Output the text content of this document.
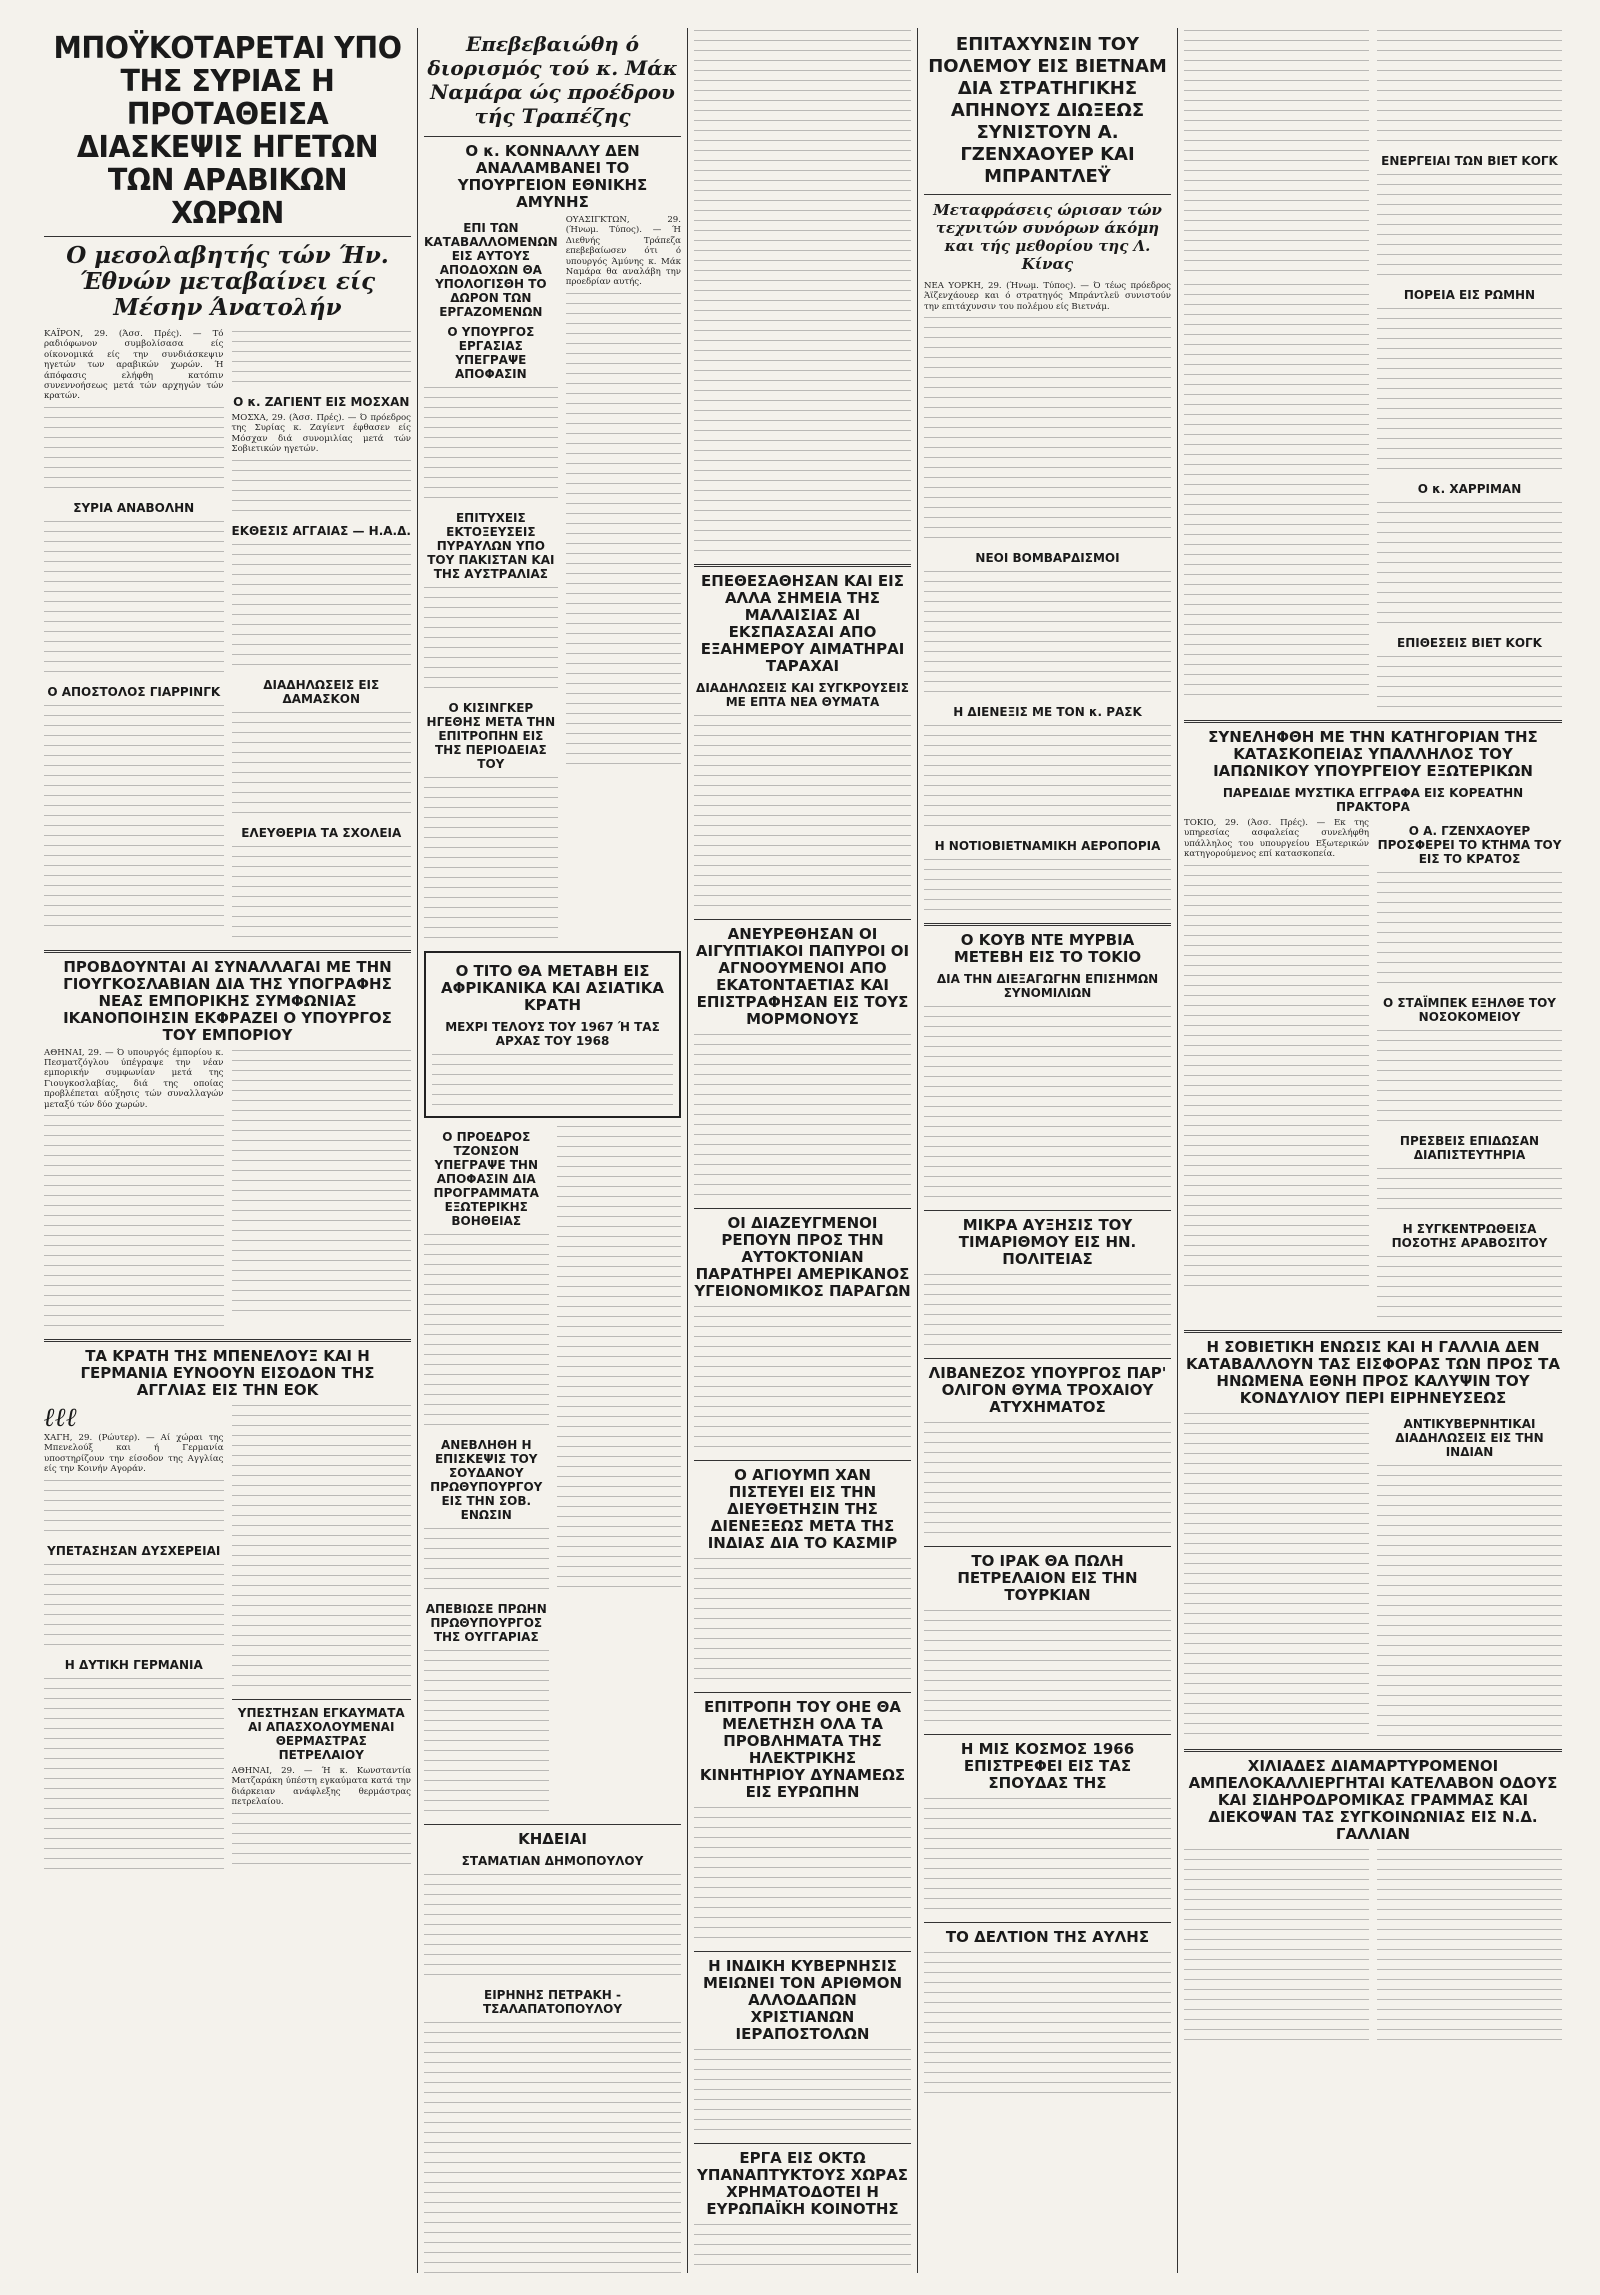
ΜΠΟΫΚΟΤΑΡΕΤΑΙ ΥΠΟ ΤΗΣ ΣΥΡΙΑΣ Η ΠΡΟΤΑΘΕΙΣΑ ΔΙΑΣΚΕΨΙΣ ΗΓΕΤΩΝ ΤΩΝ ΑΡΑΒΙΚΩΝ ΧΩΡΩΝ
Ο μεσολαβητής τών Ήν. Έθνών μεταβαίνει είς Μέσην Άνατολήν

ΚΑΪΡΟΝ, 29. (Άσσ. Πρές). — Τό ραδιόφωνον συμβολίσασα είς οίκονομικά είς την συνδιάσκεψιν ηγετών των αραβικών χωρών. Ή άπόφασις ελήφθη κατόπιν συνεννοήσεως μετά τών αρχηγών τών κρατών.

ΣΥΡΙΑ ΑΝΑΒΟΛΗΝ
Ο ΑΠΟΣΤΟΛΟΣ ΓΙΑΡΡΙΝΓΚ
Ο κ. ΖΑΓΙΕΝΤ ΕΙΣ ΜΟΣΧΑΝ

ΜΟΣΧΑ, 29. (Άσσ. Πρές). — Ό πρόεδρος της Συρίας κ. Ζαγίεντ έφθασεν είς Μόσχαν διά συνομιλίας μετά τών Σοβιετικών ηγετών.

ΕΚΘΕΣΙΣ ΑΓΓΑΙΑΣ — Η.Α.Δ.
ΔΙΑΔΗΛΩΣΕΙΣ ΕΙΣ ΔΑΜΑΣΚΟΝ
ΕΛΕΥΘΕΡΙΑ ΤΑ ΣΧΟΛΕΙΑ
ΠΡΟΒΔΟΥΝΤΑΙ ΑΙ ΣΥΝΑΛΛΑΓΑΙ ΜΕ ΤΗΝ ΓΙΟΥΓΚΟΣΛΑΒΙΑΝ ΔΙΑ ΤΗΣ ΥΠΟΓΡΑΦΗΣ ΝΕΑΣ ΕΜΠΟΡΙΚΗΣ ΣΥΜΦΩΝΙΑΣ ΙΚΑΝΟΠΟΙΗΣΙΝ ΕΚΦΡΑΖΕΙ Ο ΥΠΟΥΡΓΟΣ ΤΟΥ ΕΜΠΟΡΙΟΥ

ΑΘΗΝΑΙ, 29. — Ό υπουργός έμπορίου κ. Πεσματζόγλου ύπέγραψε την νέαν εμπορικήν συμφωνίαν μετά της Γιουγκοσλαβίας, διά της οποίας προβλέπεται αύξησις τών συναλλαγών μεταξύ τών δύο χωρών.

ΤΑ ΚΡΑΤΗ ΤΗΣ ΜΠΕΝΕΛΟΥΞ ΚΑΙ Η ΓΕΡΜΑΝΙΑ ΕΥΝΟΟΥΝ ΕΙΣΟΔΟΝ ΤΗΣ ΑΓΓΛΙΑΣ ΕΙΣ ΤΗΝ ΕΟΚ
ℓℓℓ

ΧΑΓΗ, 29. (Ρώυτερ). — Αί χώραι της Μπενελούξ και ή Γερμανία υποστηρίζουν την είσοδον της Αγγλίας είς την Κοινήν Αγοράν.

ΥΠΕΤΑΣΗΣΑΝ ΔΥΣΧΕΡΕΙΑΙ
Η ΔΥΤΙΚΗ ΓΕΡΜΑΝΙΑ
ΥΠΕΣΤΗΣΑΝ ΕΓΚΑΥΜΑΤΑ ΑΙ ΑΠΑΣΧΟΛΟΥΜΕΝΑΙ ΘΕΡΜΑΣΤΡΑΣ ΠΕΤΡΕΛΑΙΟΥ

ΑΘΗΝΑΙ, 29. — Ή κ. Κωνσταντία Ματζαράκη ύπέστη εγκαύματα κατά την διάρκειαν ανάφλεξης θερμάστρας πετρελαίου.

Επεβεβαιώθη ό διορισμός τού κ. Μάκ Ναμάρα ώς προέδρου τής Τραπέζης
Ο κ. ΚΟΝΝΑΛΛΥ ΔΕΝ ΑΝΑΛΑΜΒΑΝΕΙ ΤΟ ΥΠΟΥΡΓΕΙΟΝ ΕΘΝΙΚΗΣ ΑΜΥΝΗΣ
ΕΠΙ ΤΩΝ ΚΑΤΑΒΑΛΛΟΜΕΝΩΝ ΕΙΣ ΑΥΤΟΥΣ ΑΠΟΔΟΧΩΝ ΘΑ ΥΠΟΛΟΓΙΣΘΗ ΤΟ ΔΩΡΟΝ ΤΩΝ ΕΡΓΑΖΟΜΕΝΩΝ
Ο ΥΠΟΥΡΓΟΣ ΕΡΓΑΣΙΑΣ ΥΠΕΓΡΑΨΕ ΑΠΟΦΑΣΙΝ
ΕΠΙΤΥΧΕΙΣ ΕΚΤΟΞΕΥΣΕΙΣ ΠΥΡΑΥΛΩΝ ΥΠΟ ΤΟΥ ΠΑΚΙΣΤΑΝ ΚΑΙ ΤΗΣ ΑΥΣΤΡΑΛΙΑΣ
Ο ΚΙΣΙΝΓΚΕΡ ΗΓΕΘΗΣ ΜΕΤΑ ΤΗΝ ΕΠΙΤΡΟΠΗΝ ΕΙΣ ΤΗΣ ΠΕΡΙΟΔΕΙΑΣ ΤΟΥ

ΟΥΑΣΙΓΚΤΩΝ, 29. (Ήνωμ. Τύπος). — Ή Διεθνής Τράπεζα επεβεβαίωσεν ότι ό υπουργός Άμύνης κ. Μάκ Ναμάρα θα αναλάβη την προεδρίαν αυτής.

Ο ΤΙΤΟ ΘΑ ΜΕΤΑΒΗ ΕΙΣ ΑΦΡΙΚΑΝΙΚΑ ΚΑΙ ΑΣΙΑΤΙΚΑ ΚΡΑΤΗ
ΜΕΧΡΙ ΤΕΛΟΥΣ ΤΟΥ 1967 Ή ΤΑΣ ΑΡΧΑΣ ΤΟΥ 1968
Ο ΠΡΟΕΔΡΟΣ ΤΖΟΝΣΟΝ ΥΠΕΓΡΑΨΕ ΤΗΝ ΑΠΟΦΑΣΙΝ ΔΙΑ ΠΡΟΓΡΑΜΜΑΤΑ ΕΞΩΤΕΡΙΚΗΣ ΒΟΗΘΕΙΑΣ
ΑΝΕΒΛΗΘΗ Η ΕΠΙΣΚΕΨΙΣ ΤΟΥ ΣΟΥΔΑΝΟΥ ΠΡΩΘΥΠΟΥΡΓΟΥ ΕΙΣ ΤΗΝ ΣΟΒ. ΕΝΩΣΙΝ
ΑΠΕΒΙΩΣΕ ΠΡΩΗΝ ΠΡΩΘΥΠΟΥΡΓΟΣ ΤΗΣ ΟΥΓΓΑΡΙΑΣ
ΚΗΔΕΙΑΙ
ΣΤΑΜΑΤΙΑΝ ΔΗΜΟΠΟΥΛΟΥ
ΕΙΡΗΝΗΣ ΠΕΤΡΑΚΗ - ΤΣΑΛΑΠΑΤΟΠΟΥΛΟΥ
ΕΠΕΘΕΣΑΘΗΣΑΝ ΚΑΙ ΕΙΣ ΑΛΛΑ ΣΗΜΕΙΑ ΤΗΣ ΜΑΛΑΙΣΙΑΣ ΑΙ ΕΚΣΠΑΣΑΣΑΙ ΑΠΟ ΕΞΑΗΜΕΡΟΥ ΑΙΜΑΤΗΡΑΙ ΤΑΡΑΧΑΙ
ΔΙΑΔΗΛΩΣΕΙΣ ΚΑΙ ΣΥΓΚΡΟΥΣΕΙΣ ΜΕ ΕΠΤΑ ΝΕΑ ΘΥΜΑΤΑ
ΑΝΕΥΡΕΘΗΣΑΝ ΟΙ ΑΙΓΥΠΤΙΑΚΟΙ ΠΑΠΥΡΟΙ ΟΙ ΑΓΝΟΟΥΜΕΝΟΙ ΑΠΟ ΕΚΑΤΟΝΤΑΕΤΙΑΣ ΚΑΙ ΕΠΙΣΤΡΑΦΗΣΑΝ ΕΙΣ ΤΟΥΣ ΜΟΡΜΟΝΟΥΣ
ΟΙ ΔΙΑΖΕΥΓΜΕΝΟΙ ΡΕΠΟΥΝ ΠΡΟΣ ΤΗΝ ΑΥΤΟΚΤΟΝΙΑΝ ΠΑΡΑΤΗΡΕΙ ΑΜΕΡΙΚΑΝΟΣ ΥΓΕΙΟΝΟΜΙΚΟΣ ΠΑΡΑΓΩΝ
Ο ΑΓΙΟΥΜΠ ΧΑΝ ΠΙΣΤΕΥΕΙ ΕΙΣ ΤΗΝ ΔΙΕΥΘΕΤΗΣΙΝ ΤΗΣ ΔΙΕΝΕΞΕΩΣ ΜΕΤΑ ΤΗΣ ΙΝΔΙΑΣ ΔΙΑ ΤΟ ΚΑΣΜΙΡ
ΕΠΙΤΡΟΠΗ ΤΟΥ ΟΗΕ ΘΑ ΜΕΛΕΤΗΣΗ ΟΛΑ ΤΑ ΠΡΟΒΛΗΜΑΤΑ ΤΗΣ ΗΛΕΚΤΡΙΚΗΣ ΚΙΝΗΤΗΡΙΟΥ ΔΥΝΑΜΕΩΣ ΕΙΣ ΕΥΡΩΠΗΝ
Η ΙΝΔΙΚΗ ΚΥΒΕΡΝΗΣΙΣ ΜΕΙΩΝΕΙ ΤΟΝ ΑΡΙΘΜΟΝ ΑΛΛΟΔΑΠΩΝ ΧΡΙΣΤΙΑΝΩΝ ΙΕΡΑΠΟΣΤΟΛΩΝ
ΕΡΓΑ ΕΙΣ ΟΚΤΩ ΥΠΑΝΑΠΤΥΚΤΟΥΣ ΧΩΡΑΣ ΧΡΗΜΑΤΟΔΟΤΕΙ Η ΕΥΡΩΠΑΪΚΗ ΚΟΙΝΟΤΗΣ
ΕΠΙΤΑΧΥΝΣΙΝ ΤΟΥ ΠΟΛΕΜΟΥ ΕΙΣ ΒΙΕΤΝΑΜ ΔΙΑ ΣΤΡΑΤΗΓΙΚΗΣ ΑΠΗΝΟΥΣ ΔΙΩΞΕΩΣ ΣΥΝΙΣΤΟΥΝ Α. ΓΖΕΝΧΑΟΥΕΡ ΚΑΙ ΜΠΡΑΝΤΛΕΫ
Μεταφράσεις ώρισαν τών τεχνιτών συνόρων άκόμη και τής μεθορίου της Λ. Κίνας

ΝΕΑ ΥΟΡΚΗ, 29. (Ήνωμ. Τύπος). — Ό τέως πρόεδρος Άϊζενχάουερ και ό στρατηγός Μπράντλεϋ συνιστούν την επιτάχυνσιν του πολέμου είς Βιετνάμ.

ΝΕΟΙ ΒΟΜΒΑΡΔΙΣΜΟΙ
Η ΔΙΕΝΕΞΙΣ ΜΕ ΤΟΝ κ. ΡΑΣΚ
Η ΝΟΤΙΟΒΙΕΤΝΑΜΙΚΗ ΑΕΡΟΠΟΡΙΑ
Ο ΚΟΥΒ ΝΤΕ ΜΥΡΒΙΑ ΜΕΤΕΒΗ ΕΙΣ ΤΟ ΤΟΚΙΟ
ΔΙΑ ΤΗΝ ΔΙΕΞΑΓΩΓΗΝ ΕΠΙΣΗΜΩΝ ΣΥΝΟΜΙΛΙΩΝ
ΜΙΚΡΑ ΑΥΞΗΣΙΣ ΤΟΥ ΤΙΜΑΡΙΘΜΟΥ ΕΙΣ ΗΝ. ΠΟΛΙΤΕΙΑΣ
ΛΙΒΑΝΕΖΟΣ ΥΠΟΥΡΓΟΣ ΠΑΡ' ΟΛΙΓΟΝ ΘΥΜΑ ΤΡΟΧΑΙΟΥ ΑΤΥΧΗΜΑΤΟΣ
ΤΟ ΙΡΑΚ ΘΑ ΠΩΛΗ ΠΕΤΡΕΛΑΙΟΝ ΕΙΣ ΤΗΝ ΤΟΥΡΚΙΑΝ
Η ΜΙΣ ΚΟΣΜΟΣ 1966 ΕΠΙΣΤΡΕΦΕΙ ΕΙΣ ΤΑΣ ΣΠΟΥΔΑΣ ΤΗΣ
ΤΟ ΔΕΛΤΙΟΝ ΤΗΣ ΑΥΛΗΣ
ΕΝΕΡΓΕΙΑΙ ΤΩΝ ΒΙΕΤ ΚΟΓΚ
ΠΟΡΕΙΑ ΕΙΣ ΡΩΜΗΝ
Ο κ. ΧΑΡΡΙΜΑΝ
ΕΠΙΘΕΣΕΙΣ ΒΙΕΤ ΚΟΓΚ
ΣΥΝΕΛΗΦΘΗ ΜΕ ΤΗΝ ΚΑΤΗΓΟΡΙΑΝ ΤΗΣ ΚΑΤΑΣΚΟΠΕΙΑΣ ΥΠΑΛΛΗΛΟΣ ΤΟΥ ΙΑΠΩΝΙΚΟΥ ΥΠΟΥΡΓΕΙΟΥ ΕΞΩΤΕΡΙΚΩΝ
ΠΑΡΕΔΙΔΕ ΜΥΣΤΙΚΑ ΕΓΓΡΑΦΑ ΕΙΣ ΚΟΡΕΑΤΗΝ ΠΡΑΚΤΟΡΑ

ΤΟΚΙΟ, 29. (Άσσ. Πρές). — Εκ της υπηρεσίας ασφαλείας συνελήφθη υπάλληλος του υπουργείου Εξωτερικών κατηγορούμενος επί κατασκοπεία.

Ο Α. ΓΖΕΝΧΑΟΥΕΡ ΠΡΟΣΦΕΡΕΙ ΤΟ ΚΤΗΜΑ ΤΟΥ ΕΙΣ ΤΟ ΚΡΑΤΟΣ
Ο ΣΤΑΪΜΠΕΚ ΕΞΗΛΘΕ ΤΟΥ ΝΟΣΟΚΟΜΕΙΟΥ
ΠΡΕΣΒΕΙΣ ΕΠΙΔΩΣΑΝ ΔΙΑΠΙΣΤΕΥΤΗΡΙΑ
Η ΣΥΓΚΕΝΤΡΩΘΕΙΣΑ ΠΟΣΟΤΗΣ ΑΡΑΒΟΣΙΤΟΥ
Η ΣΟΒΙΕΤΙΚΗ ΕΝΩΣΙΣ ΚΑΙ Η ΓΑΛΛΙΑ ΔΕΝ ΚΑΤΑΒΑΛΛΟΥΝ ΤΑΣ ΕΙΣΦΟΡΑΣ ΤΩΝ ΠΡΟΣ ΤΑ ΗΝΩΜΕΝΑ ΕΘΝΗ ΠΡΟΣ ΚΑΛΥΨΙΝ ΤΟΥ ΚΟΝΔΥΛΙΟΥ ΠΕΡΙ ΕΙΡΗΝΕΥΣΕΩΣ
ΑΝΤΙΚΥΒΕΡΝΗΤΙΚΑΙ ΔΙΑΔΗΛΩΣΕΙΣ ΕΙΣ ΤΗΝ ΙΝΔΙΑΝ
ΧΙΛΙΑΔΕΣ ΔΙΑΜΑΡΤΥΡΟΜΕΝΟΙ ΑΜΠΕΛΟΚΑΛΛΙΕΡΓΗΤΑΙ ΚΑΤΕΛΑΒΟΝ ΟΔΟΥΣ ΚΑΙ ΣΙΔΗΡΟΔΡΟΜΙΚΑΣ ΓΡΑΜΜΑΣ ΚΑΙ ΔΙΕΚΟΨΑΝ ΤΑΣ ΣΥΓΚΟΙΝΩΝΙΑΣ ΕΙΣ Ν.Δ. ΓΑΛΛΙΑΝ
